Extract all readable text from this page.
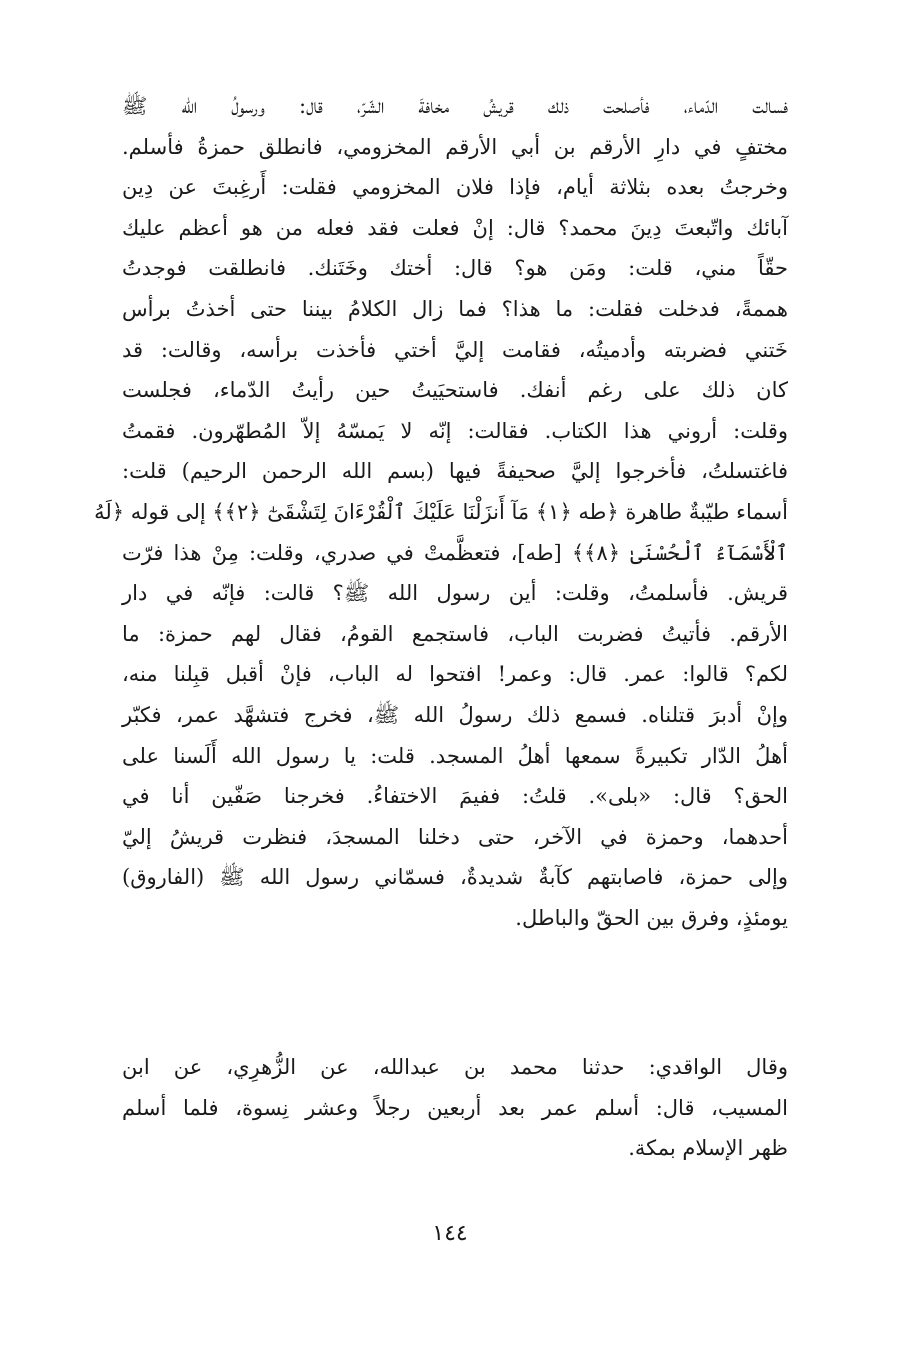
فسالت الدّماء، فأصلحت ذلك قريشُ مخافةَ الشّرّ، قال: ورسولُ الله ﷺ
مختفٍ في دارِ الأرقم بن أبي الأرقم المخزومي، فانطلق حمزةُ فأسلم.
وخرجتُ بعده بثلاثة أيام، فإذا فلان المخزومي فقلت: أَرغِبتَ عن دِين
آبائك واتّبعتَ دِينَ محمد؟ قال: إنْ فعلت فقد فعله من هو أعظم عليك
حقّاً مني، قلت: ومَن هو؟ قال: أختك وخَتَنك. فانطلقت فوجدتُ
هممةً، فدخلت فقلت: ما هذا؟ فما زال الكلامُ بيننا حتى أخذتُ برأس
خَتني فضربته وأدميتُه، فقامت إليَّ أختي فأخذت برأسه، وقالت: قد
كان ذلك على رغم أنفك. فاستحيَيتُ حين رأيتُ الدّماء، فجلست
وقلت: أروني هذا الكتاب. فقالت: إنّه لا يَمسّهُ إلاّ المُطهّرون. فقمتُ
فاغتسلتُ، فأخرجوا إليَّ صحيفةً فيها (بسم الله الرحمن الرحيم) قلت:
أسماء طيّبةٌ طاهرة ﴿طه ﴿١﴾ مَآ أَنزَلْنَا عَلَيْكَ ٱلْقُرْءَانَ لِتَشْقَىٰٓ ﴿٢﴾﴾ إلى قوله ﴿لَهُ
ٱلْأَسْمَآءُ ٱلْحُسْنَىٰ ﴿٨﴾﴾ [طه]، فتعظَّمتْ في صدري، وقلت: مِنْ هذا فرّت
قريش. فأسلمتُ، وقلت: أين رسول الله ﷺ؟ قالت: فإنّه في دار
الأرقم. فأتيتُ فضربت الباب، فاستجمع القومُ، فقال لهم حمزة: ما
لكم؟ قالوا: عمر. قال: وعمر! افتحوا له الباب، فإنْ أقبل قبِلنا منه،
وإنْ أدبرَ قتلناه. فسمع ذلك رسولُ الله ﷺ، فخرج فتشهَّد عمر، فكبّر
أهلُ الدّار تكبيرةً سمعها أهلُ المسجد. قلت: يا رسول الله أَلَسنا على
الحق؟ قال: «بلى». قلتُ: ففيمَ الاختفاءُ. فخرجنا صَفّين أنا في
أحدهما، وحمزة في الآخر، حتى دخلنا المسجدَ، فنظرت قريشُ إليّ
وإلى حمزة، فاصابتهم كآبةٌ شديدةٌ، فسمّاني رسول الله ﷺ (الفاروق)
يومئذٍ، وفرق بين الحقّ والباطل.
وقال الواقدي: حدثنا محمد بن عبدالله، عن الزُّهرِي، عن ابن
المسيب، قال: أسلم عمر بعد أربعين رجلاً وعشر نِسوة، فلما أسلم
ظهر الإسلام بمكة.
١٤٤
